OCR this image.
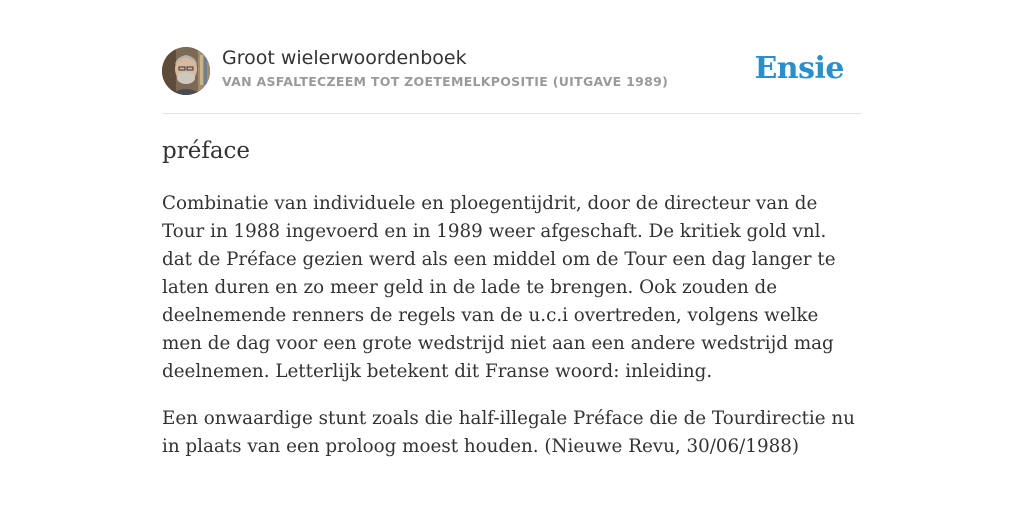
Groot wielerwoordenboek
VAN ASFALTECZEEM TOT ZOETEMELKPOSITIE (UITGAVE 1989)	Ensie
préface

Combinatie van individuele en ploegentijdrit, door de directeur van de Tour in 1988 ingevoerd en in 1989 weer afgeschaft. De kritiek gold vnl. dat de Préface gezien werd als een middel om de Tour een dag langer te laten duren en zo meer geld in de lade te brengen. Ook zouden de deelnemende renners de regels van de u.c.i overtreden, volgens welke men de dag voor een grote wedstrijd niet aan een andere wedstrijd mag deelnemen. Letterlijk betekent dit Franse woord: inleiding.

Een onwaardige stunt zoals die half-illegale Préface die de Tourdirectie nu in plaats van een proloog moest houden. (Nieuwe Revu, 30/06/1988)
